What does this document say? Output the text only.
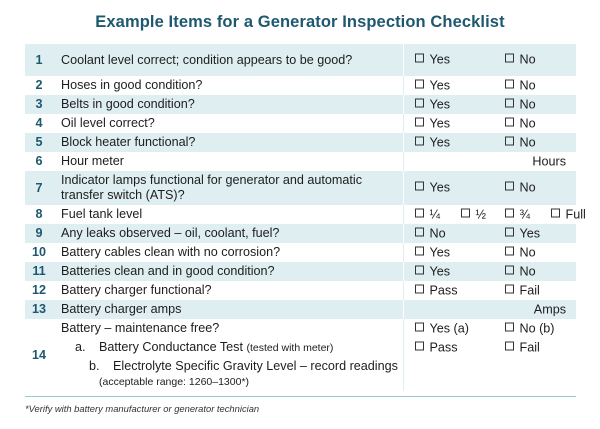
Example Items for a Generator Inspection Checklist
1	Coolant level correct; condition appears to be good?	Yes No

2	Hoses in good condition?	Yes No

3	Belts in good condition?	Yes No

4	Oil level correct?	Yes No

5	Block heater functional?	Yes No

6	Hour meter	Hours

7	Indicator lamps functional for generator and automatic transfer switch (ATS)?	Yes No

8	Fuel tank level	¼ ½ ¾ Full

9	Any leaks observed – oil, coolant, fuel?	No Yes

10	Battery cables clean with no corrosion?	Yes No

11	Batteries clean and in good condition?	Yes No

12	Battery charger functional?	Pass Fail

13	Battery charger amps	Amps

14	Battery – maintenance free?	Yes (a) No (b)

	a. Battery Conductance Test (tested with meter)	Pass Fail

	b. Electrolyte Specific Gravity Level – record readings (acceptable range: 1260–1300*)	

*Verify with battery manufacturer or generator technician
